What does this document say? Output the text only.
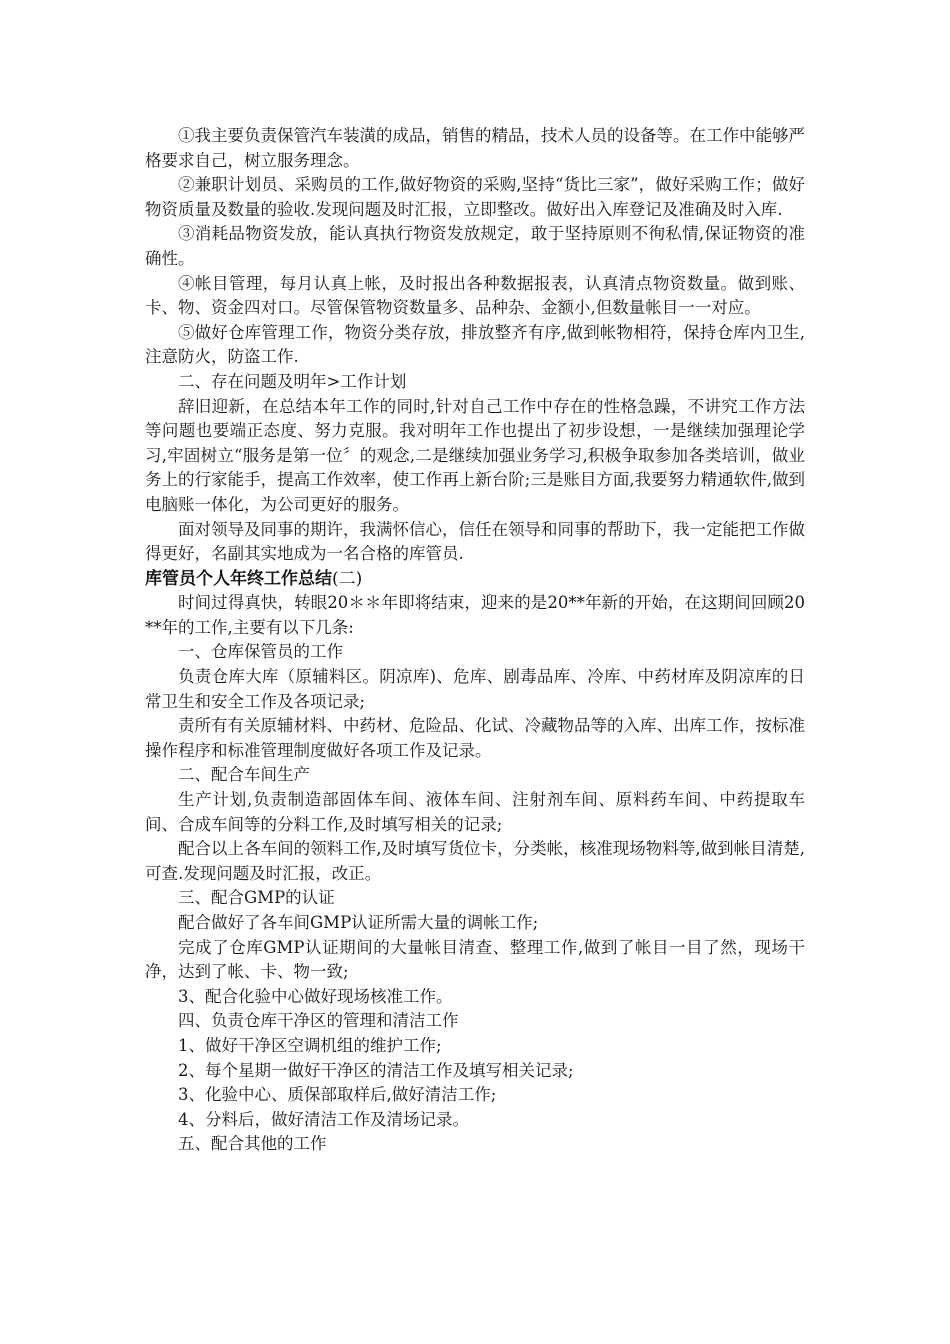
①我主要负责保管汽车装潢的成品，销售的精品，技术人员的设备等。在工作中能够严格要求自己，树立服务理念。

②兼职计划员、采购员的工作,做好物资的采购,坚持“货比三家”，做好采购工作；做好物资质量及数量的验收.发现问题及时汇报，立即整改。做好出入库登记及准确及时入库.

③消耗品物资发放，能认真执行物资发放规定，敢于坚持原则不徇私情,保证物资的准确性。

④帐目管理，每月认真上帐，及时报出各种数据报表，认真清点物资数量。做到账、卡、物、资金四对口。尽管保管物资数量多、品种杂、金额小,但数量帐目一一对应。

⑤做好仓库管理工作，物资分类存放，排放整齐有序,做到帐物相符，保持仓库内卫生,注意防火，防盗工作.

二、存在问题及明年>工作计划

辞旧迎新，在总结本年工作的同时,针对自己工作中存在的性格急躁，不讲究工作方法等问题也要端正态度、努力克服。我对明年工作也提出了初步设想，一是继续加强理论学习,牢固树立“服务是第一位〞的观念,二是继续加强业务学习,积极争取参加各类培训，做业务上的行家能手，提高工作效率，使工作再上新台阶;三是账目方面,我要努力精通软件,做到电脑账一体化，为公司更好的服务。

面对领导及同事的期许，我满怀信心，信任在领导和同事的帮助下，我一定能把工作做得更好，名副其实地成为一名合格的库管员.

库管员个人年终工作总结(二)

时间过得真快，转眼20＊＊年即将结束，迎来的是20**年新的开始，在这期间回顾20**年的工作,主要有以下几条:

一、仓库保管员的工作

负责仓库大库（原辅料区。阴凉库)、危库、剧毒品库、冷库、中药材库及阴凉库的日常卫生和安全工作及各项记录;

责所有有关原辅材料、中药材、危险品、化试、冷藏物品等的入库、出库工作，按标准操作程序和标准管理制度做好各项工作及记录。

二、配合车间生产

生产计划,负责制造部固体车间、液体车间、注射剂车间、原料药车间、中药提取车间、合成车间等的分料工作,及时填写相关的记录;

配合以上各车间的领料工作,及时填写货位卡，分类帐，核准现场物料等,做到帐目清楚,可查.发现问题及时汇报，改正。

三、配合GMP的认证

配合做好了各车间GMP认证所需大量的调帐工作;

完成了仓库GMP认证期间的大量帐目清查、整理工作,做到了帐目一目了然，现场干净，达到了帐、卡、物一致;

3、配合化验中心做好现场核准工作。

四、负责仓库干净区的管理和清洁工作

1、做好干净区空调机组的维护工作;

2、每个星期一做好干净区的清洁工作及填写相关记录;

3、化验中心、质保部取样后,做好清洁工作;

4、分料后，做好清洁工作及清场记录。

五、配合其他的工作
